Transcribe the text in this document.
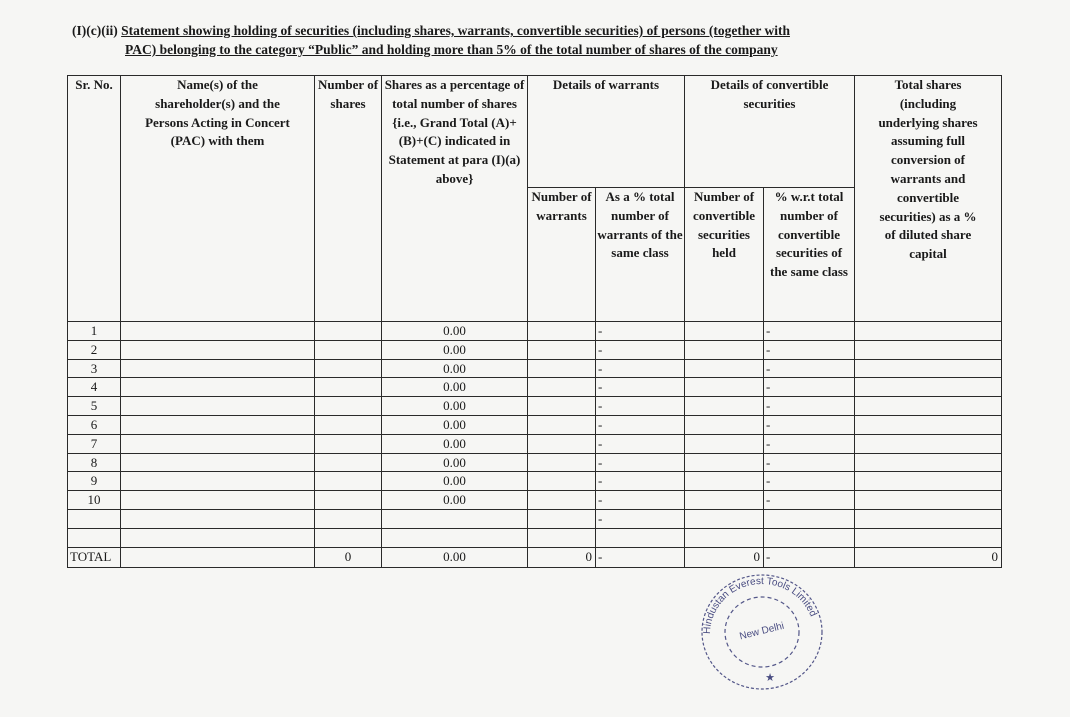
(I)(c)(ii) Statement showing holding of securities (including shares, warrants, convertible securities) of persons (together with
PAC) belonging to the category “Public” and holding more than 5% of the total number of shares of the company
Sr. No.	Name(s) of the shareholder(s) and the Persons Acting in Concert (PAC) with them	Number of shares	Shares as a percentage of total number of shares {i.e., Grand Total (A)+(B)+(C) indicated in Statement at para (I)(a) above}	Details of warrants		Details of convertible securities		Total shares (including underlying shares assuming full conversion of warrants and convertible securities) as a % of diluted share capital
				Number of warrants	As a % total number of warrants of the same class	Number of convertible securities held	% w.r.t total number of convertible securities of the same class	
1			0.00		-		-	
2			0.00		-		-	
3			0.00		-		-	
4			0.00		-		-	
5			0.00		-		-	
6			0.00		-		-	
7			0.00		-		-	
8			0.00		-		-	
9			0.00		-		-	
10			0.00		-		-	
					-			

TOTAL		0	0.00	0	-	0	-	0
Hindustan Everest Tools Limited
New Delhi
★
